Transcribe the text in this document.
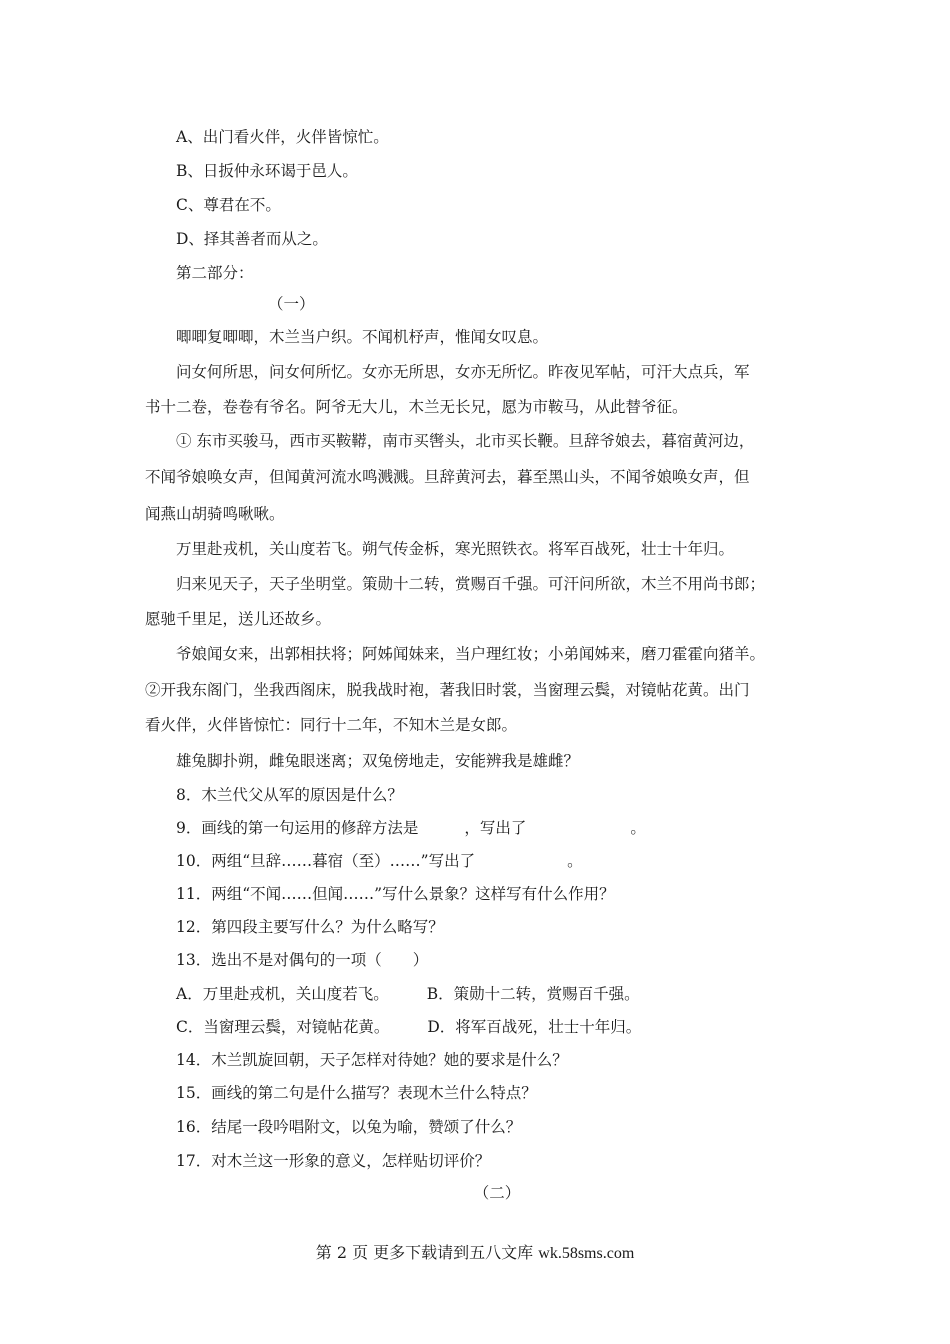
A、出门看火伴，火伴皆惊忙。
B、日扳仲永环谒于邑人。
C、尊君在不。
D、择其善者而从之。
第二部分：
（一）
唧唧复唧唧，木兰当户织。不闻机杼声，惟闻女叹息。
问女何所思，问女何所忆。女亦无所思，女亦无所忆。昨夜见军帖，可汗大点兵，军
书十二卷，卷卷有爷名。阿爷无大儿，木兰无长兄，愿为市鞍马，从此替爷征。
① 东市买骏马，西市买鞍鞯，南市买辔头，北市买长鞭。旦辞爷娘去，暮宿黄河边，
不闻爷娘唤女声，但闻黄河流水鸣溅溅。旦辞黄河去，暮至黑山头，不闻爷娘唤女声，但
闻燕山胡骑鸣啾啾。
万里赴戎机，关山度若飞。朔气传金柝，寒光照铁衣。将军百战死，壮士十年归。
归来见天子，天子坐明堂。策勋十二转，赏赐百千强。可汗问所欲，木兰不用尚书郎；
愿驰千里足，送儿还故乡。
爷娘闻女来，出郭相扶将；阿姊闻妹来，当户理红妆；小弟闻姊来，磨刀霍霍向猪羊。
②开我东阁门，坐我西阁床，脱我战时袍，著我旧时裳，当窗理云鬓，对镜帖花黄。出门
看火伴，火伴皆惊忙：同行十二年，不知木兰是女郎。
雄兔脚扑朔，雌兔眼迷离；双兔傍地走，安能辨我是雄雌？
8．木兰代父从军的原因是什么？
9．画线的第一句运用的修辞方法是	，写出了	。
10．两组“旦辞……暮宿（至）……”写出了	。
11．两组“不闻……但闻……”写什么景象？这样写有什么作用？
12．第四段主要写什么？为什么略写？
13．选出不是对偶句的一项（　　）
A．万里赴戎机，关山度若飞。 B．策勋十二转，赏赐百千强。
C．当窗理云鬓，对镜帖花黄。 D．将军百战死，壮士十年归。
14．木兰凯旋回朝，天子怎样对待她？她的要求是什么？
15．画线的第二句是什么描写？表现木兰什么特点？
16．结尾一段吟唱附文，以兔为喻，赞颂了什么？
17．对木兰这一形象的意义，怎样贴切评价？
（二）
第 2 页 更多下载请到五八文库 wk.58sms.com
